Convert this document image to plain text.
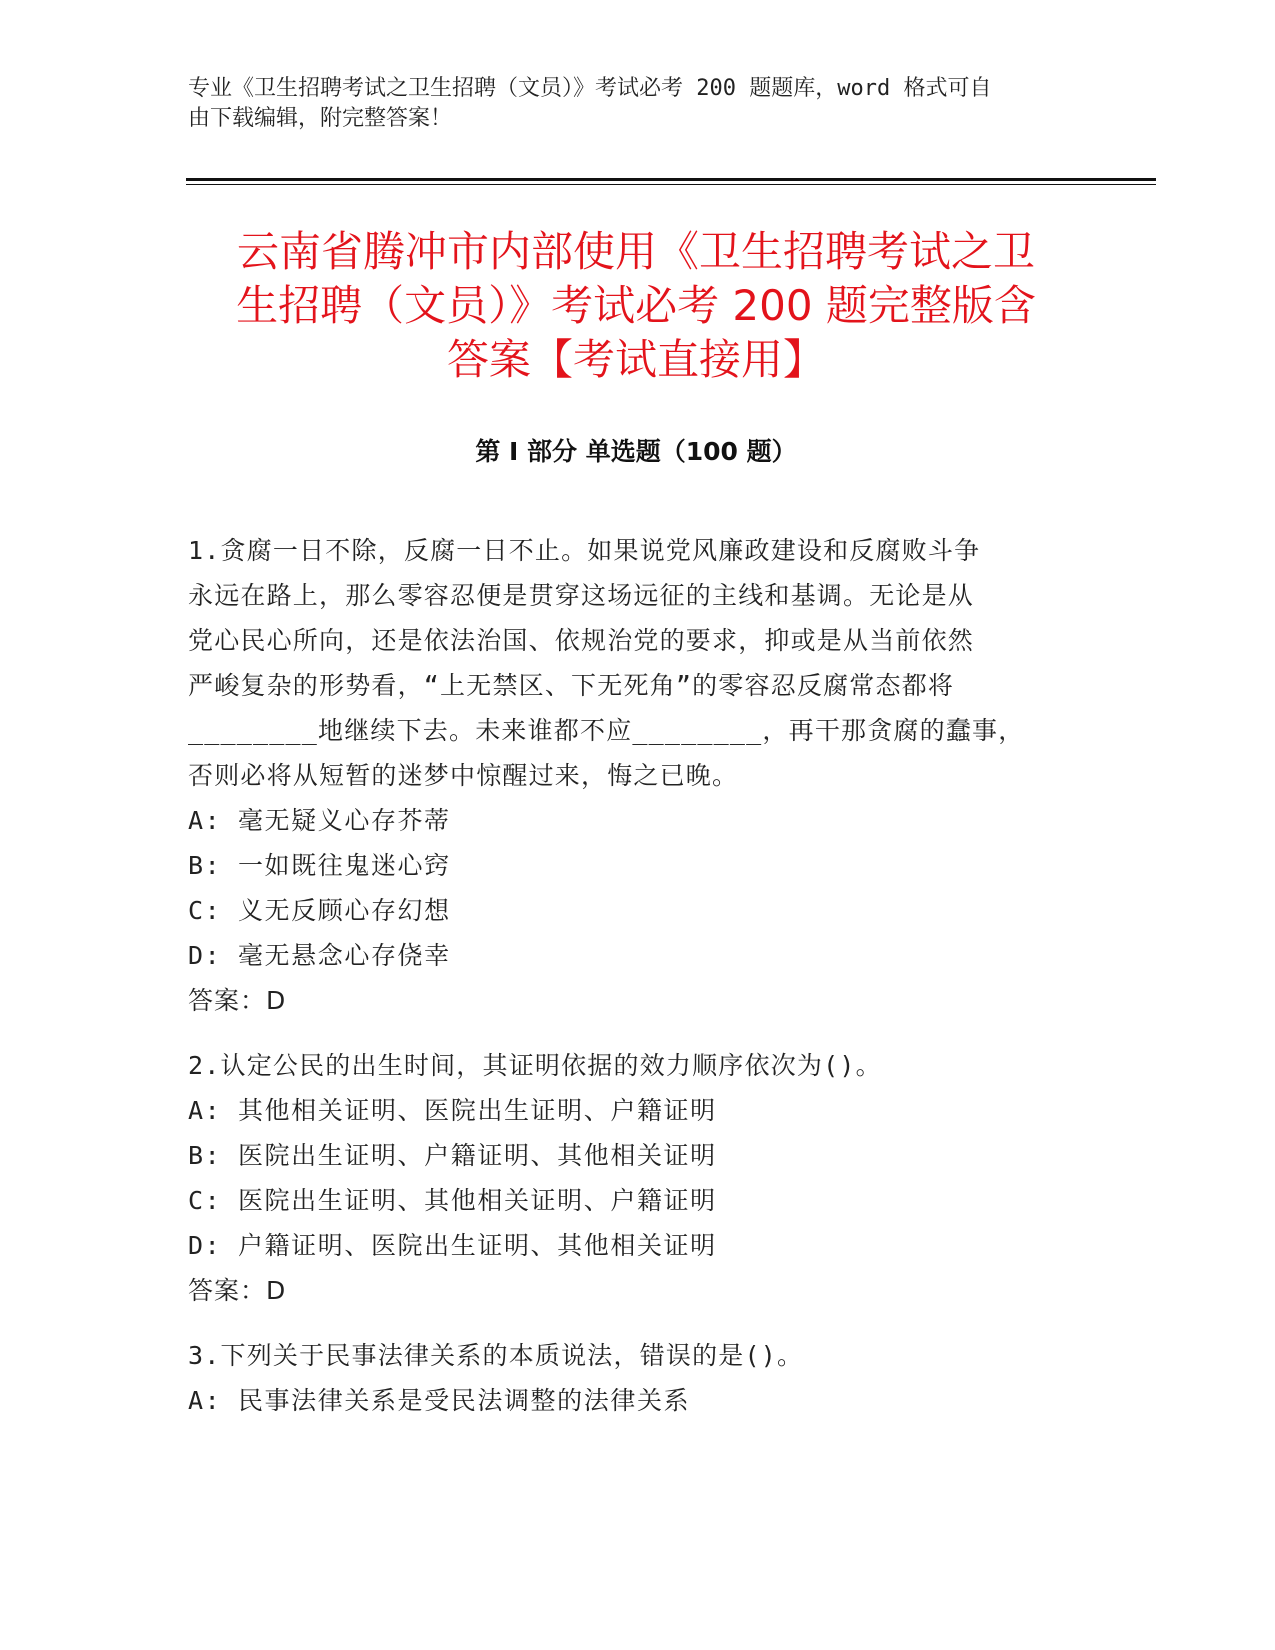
专业《卫生招聘考试之卫生招聘（文员）》考试必考 200 题题库，word 格式可自

由下载编辑，附完整答案！

云南省腾冲市内部使用《卫生招聘考试之卫
生招聘（文员）》考试必考 200 题完整版含
答案【考试直接用】
第 I 部分 单选题（100 题）

1.贪腐一日不除，反腐一日不止。如果说党风廉政建设和反腐败斗争

永远在路上，那么零容忍便是贯穿这场远征的主线和基调。无论是从

党心民心所向，还是依法治国、依规治党的要求，抑或是从当前依然

严峻复杂的形势看，“上无禁区、下无死角”的零容忍反腐常态都将

________地继续下去。未来谁都不应________，再干那贪腐的蠢事，

否则必将从短暂的迷梦中惊醒过来，悔之已晚。

A: 毫无疑义心存芥蒂

B: 一如既往鬼迷心窍

C: 义无反顾心存幻想

D: 毫无悬念心存侥幸

答案：D

2.认定公民的出生时间，其证明依据的效力顺序依次为()。

A: 其他相关证明、医院出生证明、户籍证明

B: 医院出生证明、户籍证明、其他相关证明

C: 医院出生证明、其他相关证明、户籍证明

D: 户籍证明、医院出生证明、其他相关证明

答案：D

3.下列关于民事法律关系的本质说法，错误的是()。

A: 民事法律关系是受民法调整的法律关系
